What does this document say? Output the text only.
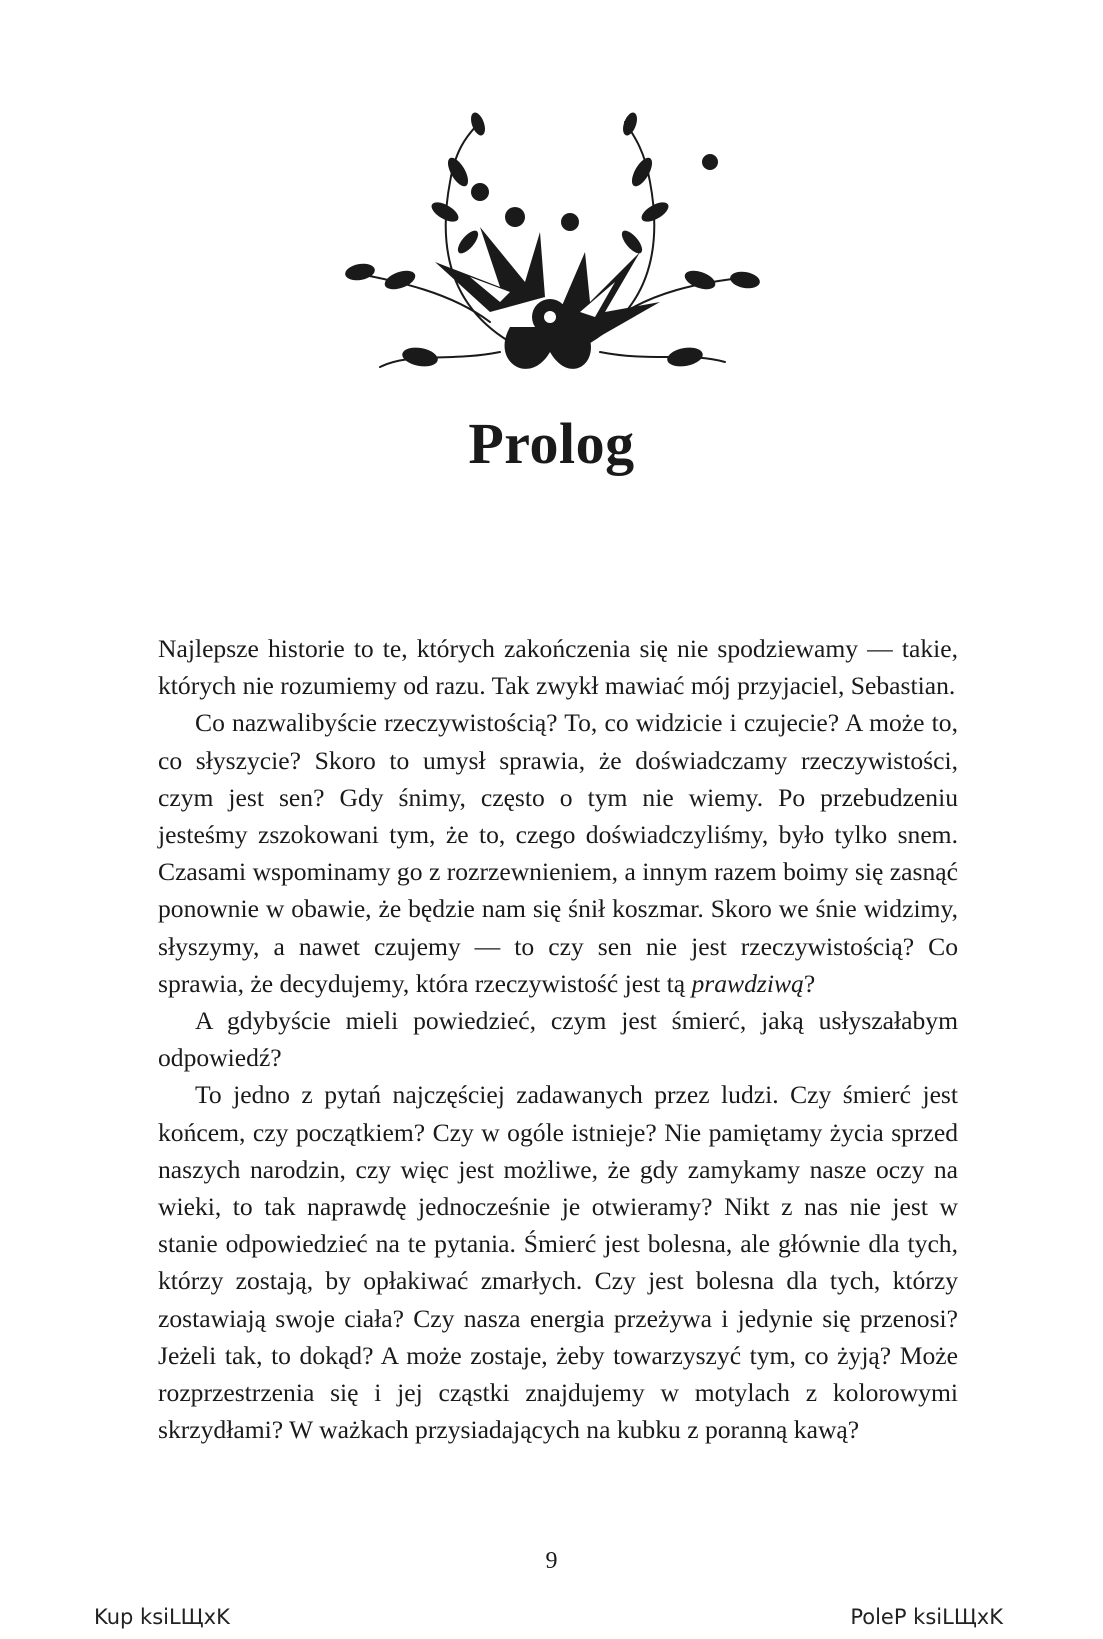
Prolog

Najlepsze historie to te, których zakończenia się nie spodziewamy — takie, których nie rozumiemy od razu. Tak zwykł mawiać mój przyjaciel, Sebastian.

Co nazwalibyście rzeczywistością? To, co widzicie i czujecie? A może to, co słyszycie? Skoro to umysł sprawia, że doświadczamy rzeczywistości, czym jest sen? Gdy śnimy, często o tym nie wiemy. Po przebudzeniu jesteśmy zszokowani tym, że to, czego doświadczyliśmy, było tylko snem. Czasami wspominamy go z rozrzewnieniem, a innym razem boimy się zasnąć ponownie w obawie, że będzie nam się śnił koszmar. Skoro we śnie widzimy, słyszymy, a nawet czujemy — to czy sen nie jest rzeczywistością? Co sprawia, że decydujemy, która rzeczywistość jest tą prawdziwą?

A gdybyście mieli powiedzieć, czym jest śmierć, jaką usłyszałabym odpowiedź?

To jedno z pytań najczęściej zadawanych przez ludzi. Czy śmierć jest końcem, czy początkiem? Czy w ogóle istnieje? Nie pamiętamy życia sprzed naszych narodzin, czy więc jest możliwe, że gdy zamykamy nasze oczy na wieki, to tak naprawdę jednocześnie je otwieramy? Nikt z nas nie jest w stanie odpowiedzieć na te pytania. Śmierć jest bolesna, ale głównie dla tych, którzy zostają, by opłakiwać zmarłych. Czy jest bolesna dla tych, którzy zostawiają swoje ciała? Czy nasza energia przeżywa i jedynie się przenosi? Jeżeli tak, to dokąd? A może zostaje, żeby towarzyszyć tym, co żyją? Może rozprzestrzenia się i jej cząstki znajdujemy w motylach z kolorowymi skrzydłami? W ważkach przysiadających na kubku z poranną kawą?

9
Kup ksiLЩxK	PoleP ksiLЩxK
